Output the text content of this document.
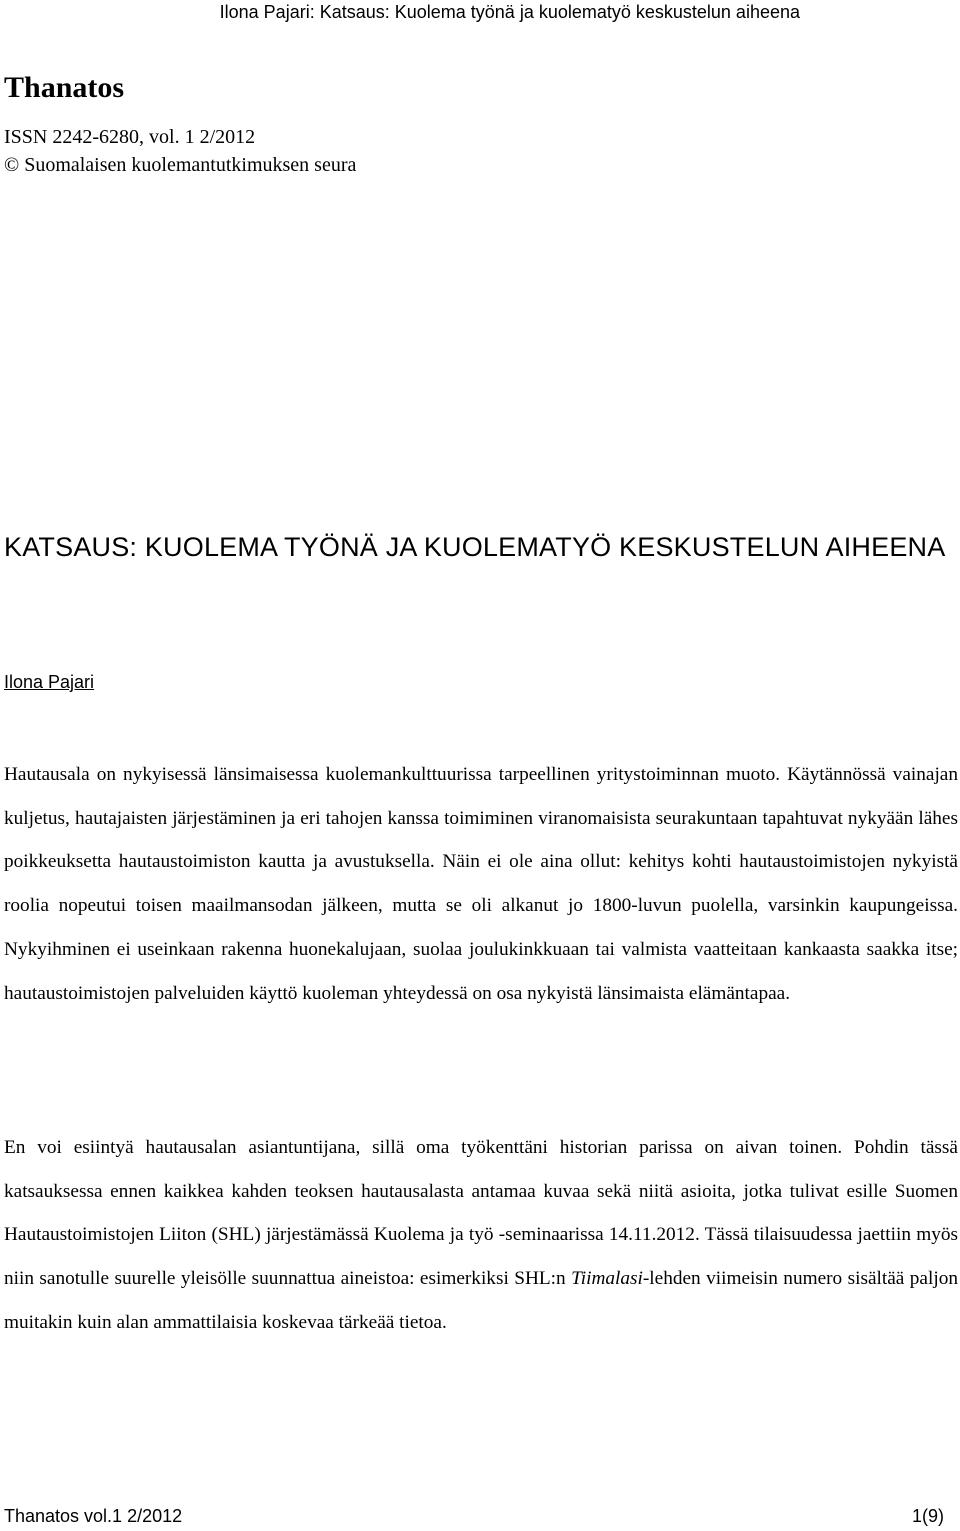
Ilona Pajari: Katsaus: Kuolema työnä ja kuolematyö keskustelun aiheena
Thanatos
ISSN 2242-6280, vol. 1 2/2012
© Suomalaisen kuolemantutkimuksen seura
KATSAUS: KUOLEMA TYÖNÄ JA KUOLEMATYÖ KESKUSTELUN AIHEENA
Ilona Pajari

Hautausala on nykyisessä länsimaisessa kuolemankulttuurissa tarpeellinen yritystoiminnan muoto. Käytännössä vainajan kuljetus, hautajaisten järjestäminen ja eri tahojen kanssa toimiminen viranomaisista seurakuntaan tapahtuvat nykyään lähes poikkeuksetta hautaustoimiston kautta ja avustuksella. Näin ei ole aina ollut: kehitys kohti hautaustoimistojen nykyistä roolia nopeutui toisen maailmansodan jälkeen, mutta se oli alkanut jo 1800-luvun puolella, varsinkin kaupungeissa. Nykyihminen ei useinkaan rakenna huonekalujaan, suolaa joulukinkkuaan tai valmista vaatteitaan kankaasta saakka itse; hautaustoimistojen palveluiden käyttö kuoleman yhteydessä on osa nykyistä länsimaista elämäntapaa.

En voi esiintyä hautausalan asiantuntijana, sillä oma työkenttäni historian parissa on aivan toinen. Pohdin tässä katsauksessa ennen kaikkea kahden teoksen hautausalasta antamaa kuvaa sekä niitä asioita, jotka tulivat esille Suomen Hautaustoimistojen Liiton (SHL) järjestämässä Kuolema ja työ -seminaarissa 14.11.2012. Tässä tilaisuudessa jaettiin myös niin sanotulle suurelle yleisölle suunnattua aineistoa: esimerkiksi SHL:n Tiimalasi-lehden viimeisin numero sisältää paljon muitakin kuin alan ammattilaisia koskevaa tärkeää tietoa.

Thanatos vol.1 2/2012	1(9)
